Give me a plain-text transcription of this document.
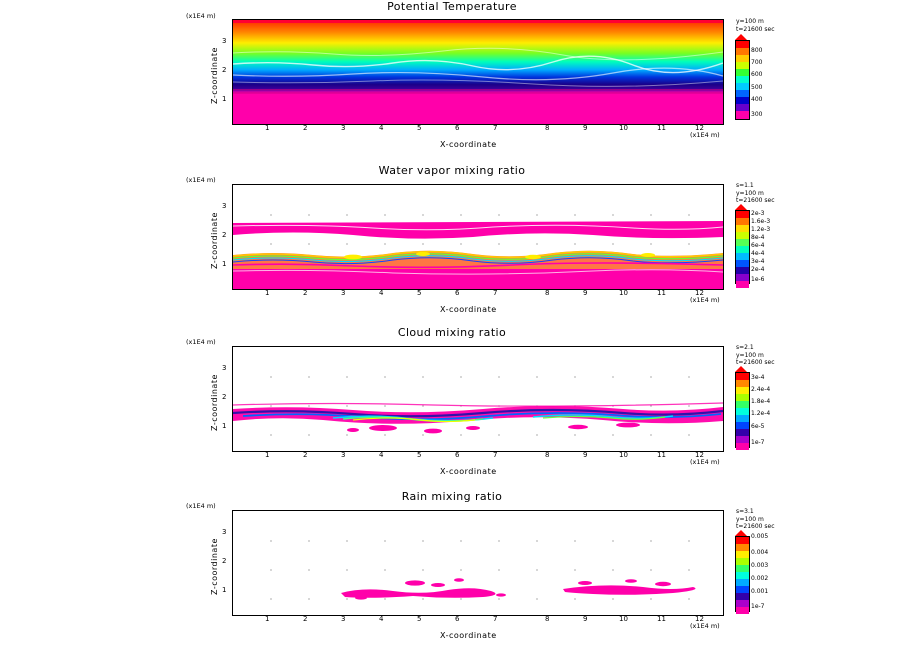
Potential Temperature
(x1E4 m)
1	2	3	4	5	6	7	8	9	10	11	12
1
2
3
Z-coordinate
X-coordinate
(x1E4 m)
y=100 m
t=21600 sec
800
700
600
500
400
300
Water vapor mixing ratio
(x1E4 m)
1	2	3	4	5	6	7	8	9	10	11	12
1
2
3
Z-coordinate
X-coordinate
(x1E4 m)
s=1.1
y=100 m
t=21600 sec
2e-3
1.6e-3
1.2e-3
8e-4
6e-4
4e-4
3e-4
2e-4
1e-6
Cloud mixing ratio
(x1E4 m)
1	2	3	4	5	6	7	8	9	10	11	12
1
2
3
Z-coordinate
X-coordinate
(x1E4 m)
s=2.1
y=100 m
t=21600 sec
3e-4
2.4e-4
1.8e-4
1.2e-4
6e-5
1e-7
Rain mixing ratio
(x1E4 m)
1	2	3	4	5	6	7	8	9	10	11	12
1
2
3
Z-coordinate
X-coordinate
(x1E4 m)
s=3.1
y=100 m
t=21600 sec
0.005
0.004
0.003
0.002
0.001
1e-7
